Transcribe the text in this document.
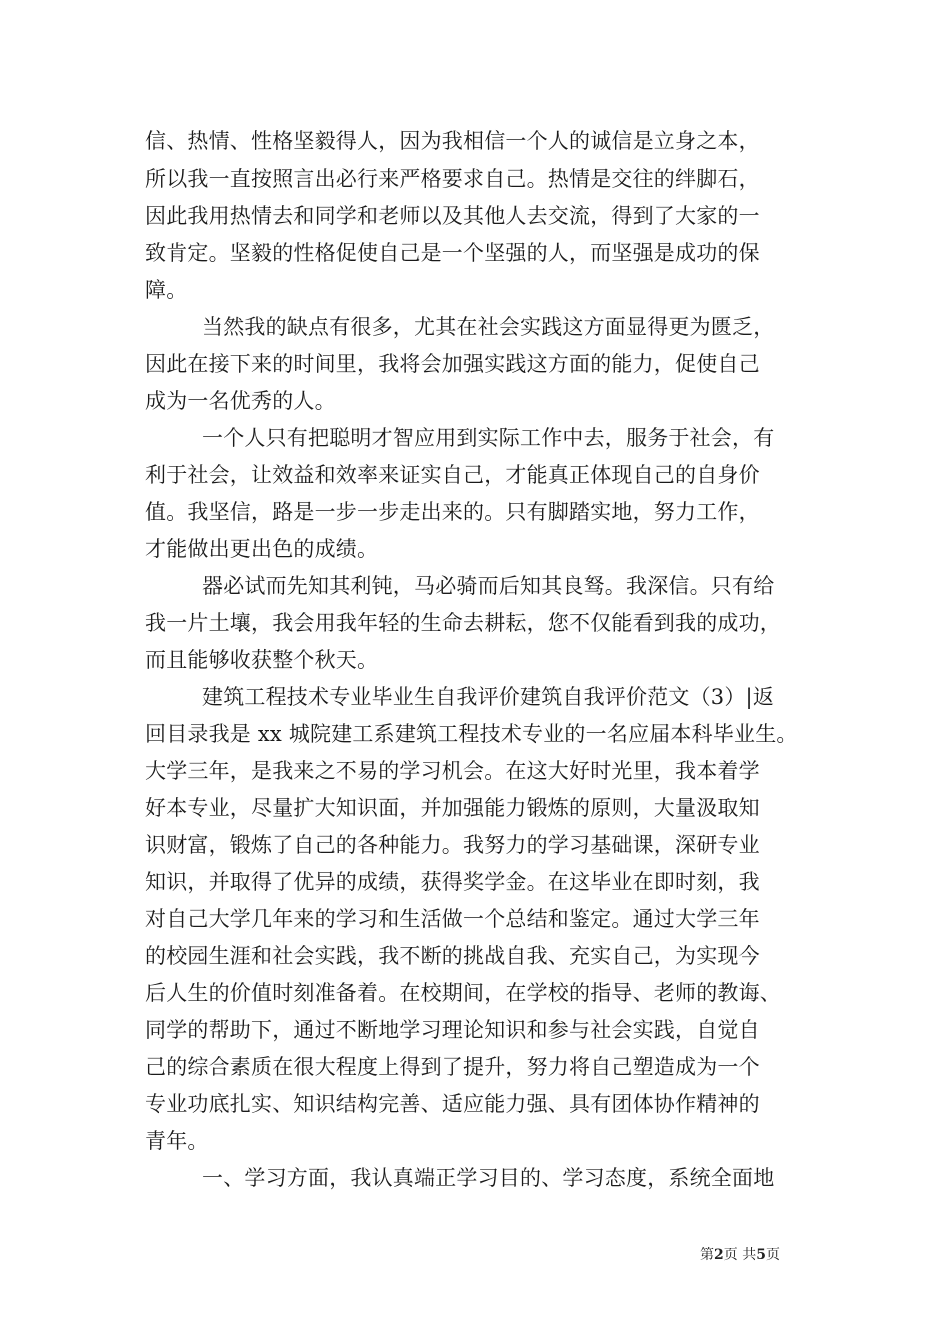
信、热情、性格坚毅得人，因为我相信一个人的诚信是立身之本，
所以我一直按照言出必行来严格要求自己。热情是交往的绊脚石，
因此我用热情去和同学和老师以及其他人去交流，得到了大家的一
致肯定。坚毅的性格促使自己是一个坚强的人，而坚强是成功的保
障。
当然我的缺点有很多，尤其在社会实践这方面显得更为匮乏，
因此在接下来的时间里，我将会加强实践这方面的能力，促使自己
成为一名优秀的人。
一个人只有把聪明才智应用到实际工作中去，服务于社会，有
利于社会，让效益和效率来证实自己，才能真正体现自己的自身价
值。我坚信，路是一步一步走出来的。只有脚踏实地，努力工作，
才能做出更出色的成绩。
器必试而先知其利钝，马必骑而后知其良驽。我深信。只有给
我一片土壤，我会用我年轻的生命去耕耘，您不仅能看到我的成功，
而且能够收获整个秋天。
建筑工程技术专业毕业生自我评价建筑自我评价范文（3）|返
回目录我是 xx 城院建工系建筑工程技术专业的一名应届本科毕业生。
大学三年，是我来之不易的学习机会。在这大好时光里，我本着学
好本专业，尽量扩大知识面，并加强能力锻炼的原则，大量汲取知
识财富，锻炼了自己的各种能力。我努力的学习基础课，深研专业
知识，并取得了优异的成绩，获得奖学金。在这毕业在即时刻，我
对自己大学几年来的学习和生活做一个总结和鉴定。通过大学三年
的校园生涯和社会实践，我不断的挑战自我、充实自己，为实现今
后人生的价值时刻准备着。在校期间，在学校的指导、老师的教诲、
同学的帮助下，通过不断地学习理论知识和参与社会实践，自觉自
己的综合素质在很大程度上得到了提升，努力将自己塑造成为一个
专业功底扎实、知识结构完善、适应能力强、具有团体协作精神的
青年。
一、学习方面，我认真端正学习目的、学习态度，系统全面地
第2页 共5页
